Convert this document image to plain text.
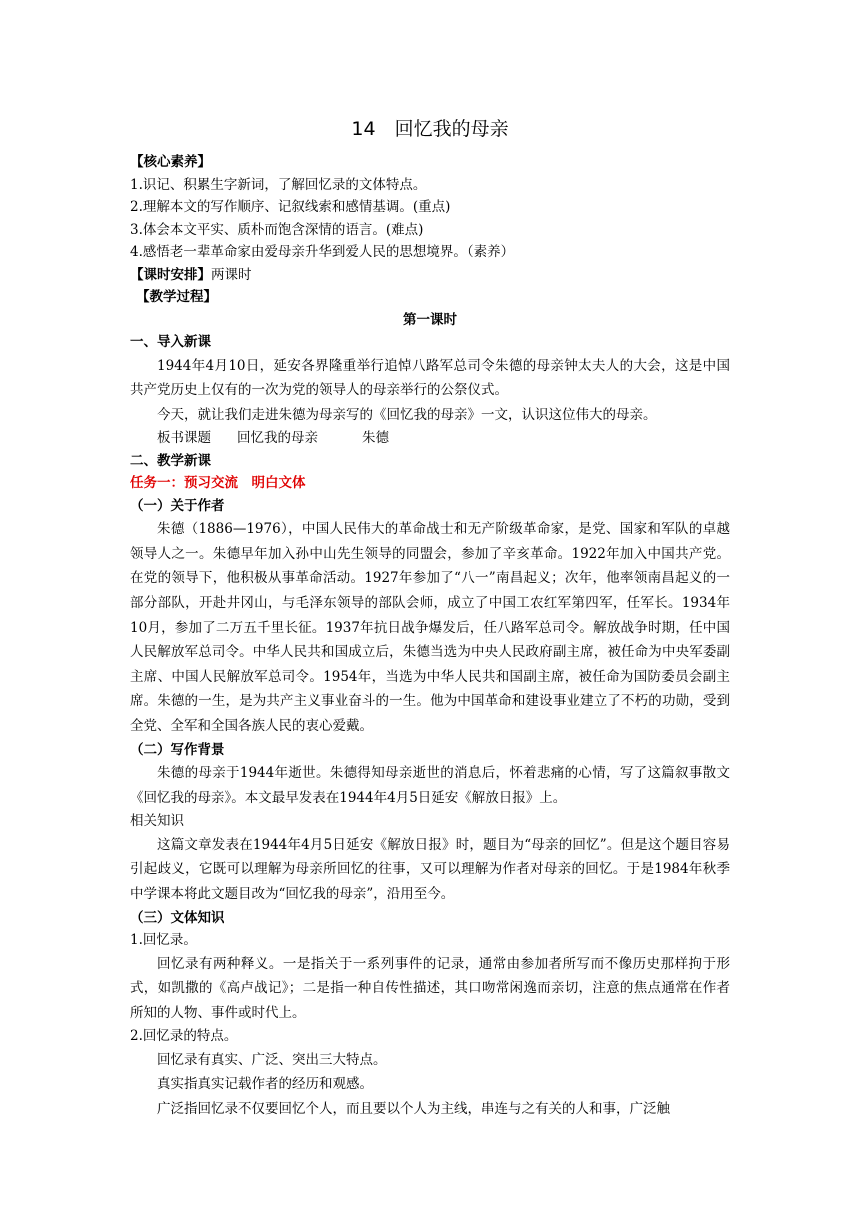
14　回忆我的母亲
【核心素养】
1.识记、积累生字新词，了解回忆录的文体特点。
2.理解本文的写作顺序、记叙线索和感情基调。(重点)
3.体会本文平实、质朴而饱含深情的语言。(难点)
4.感悟老一辈革命家由爱母亲升华到爱人民的思想境界。（素养）
【课时安排】两课时
【教学过程】
第一课时
一、导入新课
1944年4月10日，延安各界隆重举行追悼八路军总司令朱德的母亲钟太夫人的大会，这是中国共产党历史上仅有的一次为党的领导人的母亲举行的公祭仪式。
今天，就让我们走进朱德为母亲写的《回忆我的母亲》一文，认识这位伟大的母亲。
板书课题 回忆我的母亲	朱德
二、教学新课
任务一：预习交流　明白文体
（一）关于作者
朱德（1886—1976），中国人民伟大的革命战士和无产阶级革命家，是党、国家和军队的卓越领导人之一。朱德早年加入孙中山先生领导的同盟会，参加了辛亥革命。1922年加入中国共产党。在党的领导下，他积极从事革命活动。1927年参加了“八一”南昌起义；次年，他率领南昌起义的一部分部队，开赴井冈山，与毛泽东领导的部队会师，成立了中国工农红军第四军，任军长。1934年10月，参加了二万五千里长征。1937年抗日战争爆发后，任八路军总司令。解放战争时期，任中国人民解放军总司令。中华人民共和国成立后，朱德当选为中央人民政府副主席，被任命为中央军委副主席、中国人民解放军总司令。1954年，当选为中华人民共和国副主席，被任命为国防委员会副主席。朱德的一生，是为共产主义事业奋斗的一生。他为中国革命和建设事业建立了不朽的功勋，受到全党、全军和全国各族人民的衷心爱戴。
（二）写作背景
朱德的母亲于1944年逝世。朱德得知母亲逝世的消息后，怀着悲痛的心情，写了这篇叙事散文《回忆我的母亲》。本文最早发表在1944年4月5日延安《解放日报》上。
相关知识
这篇文章发表在1944年4月5日延安《解放日报》时，题目为“母亲的回忆”。但是这个题目容易引起歧义，它既可以理解为母亲所回忆的往事，又可以理解为作者对母亲的回忆。于是1984年秋季中学课本将此文题目改为“回忆我的母亲”，沿用至今。
（三）文体知识
1.回忆录。
回忆录有两种释义。一是指关于一系列事件的记录，通常由参加者所写而不像历史那样拘于形式，如凯撒的《高卢战记》；二是指一种自传性描述，其口吻常闲逸而亲切，注意的焦点通常在作者所知的人物、事件或时代上。
2.回忆录的特点。
回忆录有真实、广泛、突出三大特点。
真实指真实记载作者的经历和观感。
广泛指回忆录不仅要回忆个人，而且要以个人为主线，串连与之有关的人和事，广泛触
